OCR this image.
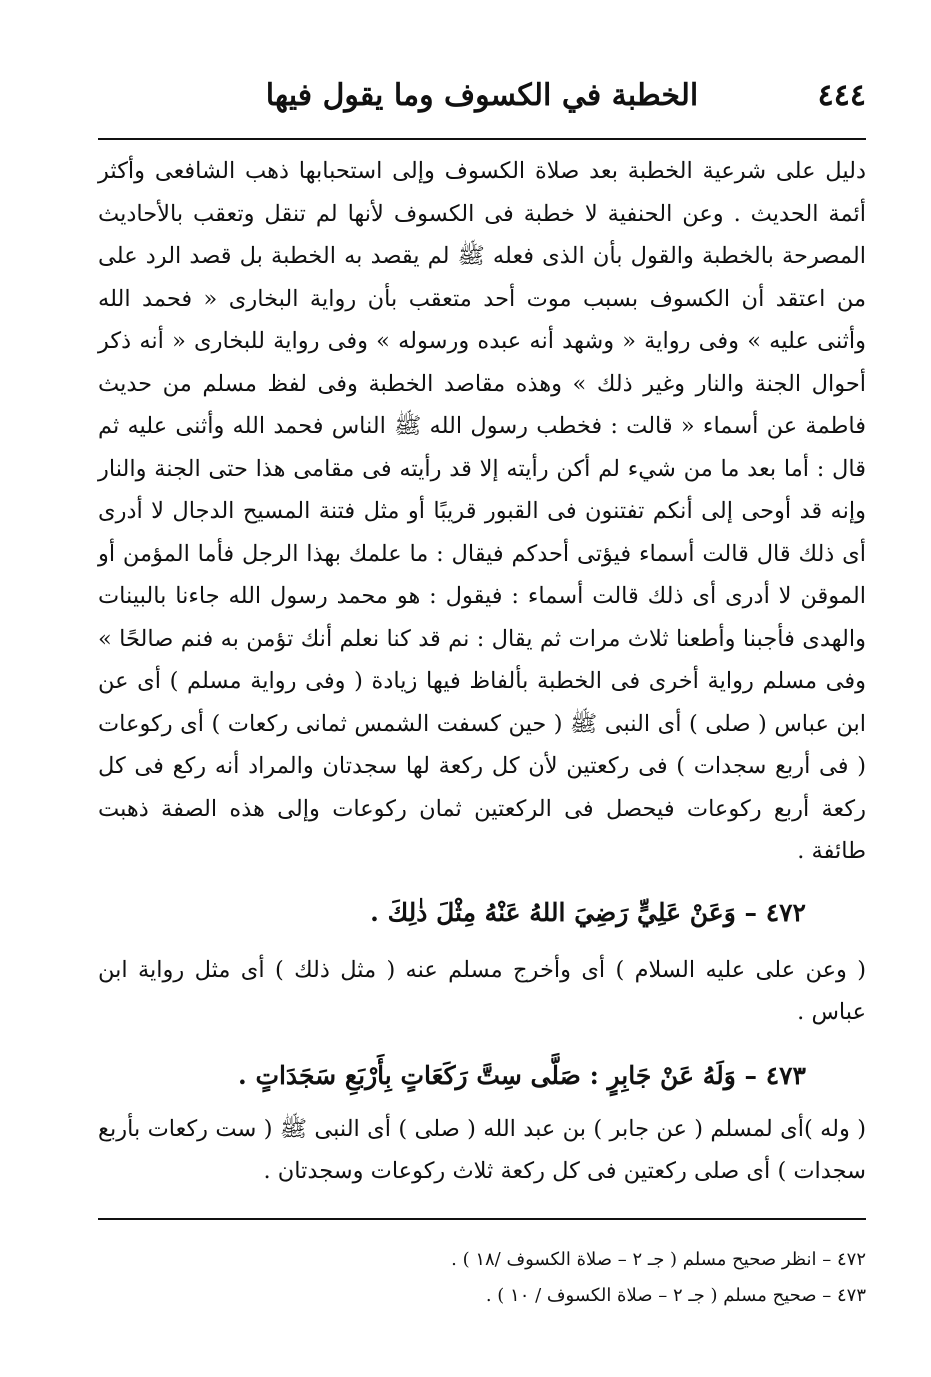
٤٤٤
الخطبة في الكسوف وما يقول فيها

دليل على شرعية الخطبة بعد صلاة الكسوف وإلى استحبابها ذهب الشافعى وأكثر أئمة الحديث . وعن الحنفية لا خطبة فى الكسوف لأنها لم تنقل وتعقب بالأحاديث المصرحة بالخطبة والقول بأن الذى فعله ﷺ لم يقصد به الخطبة بل قصد الرد على من اعتقد أن الكسوف بسبب موت أحد متعقب بأن رواية البخارى « فحمد الله وأثنى عليه » وفى رواية « وشهد أنه عبده ورسوله » وفى رواية للبخارى « أنه ذكر أحوال الجنة والنار وغير ذلك » وهذه مقاصد الخطبة وفى لفظ مسلم من حديث فاطمة عن أسماء « قالت : فخطب رسول الله ﷺ الناس فحمد الله وأثنى عليه ثم قال : أما بعد ما من شيء لم أكن رأيته إلا قد رأيته فى مقامى هذا حتى الجنة والنار وإنه قد أوحى إلى أنكم تفتنون فى القبور قريبًا أو مثل فتنة المسيح الدجال لا أدرى أى ذلك قال قالت أسماء فيؤتى أحدكم فيقال : ما علمك بهذا الرجل فأما المؤمن أو الموقن لا أدرى أى ذلك قالت أسماء : فيقول : هو محمد رسول الله جاءنا بالبينات والهدى فأجبنا وأطعنا ثلاث مرات ثم يقال : نم قد كنا نعلم أنك تؤمن به فنم صالحًا » وفى مسلم رواية أخرى فى الخطبة بألفاظ فيها زيادة ( وفى رواية مسلم ) أى عن ابن عباس ( صلى ) أى النبى ﷺ ( حين كسفت الشمس ثمانى ركعات ) أى ركوعات ( فى أربع سجدات ) فى ركعتين لأن كل ركعة لها سجدتان والمراد أنه ركع فى كل ركعة أربع ركوعات فيحصل فى الركعتين ثمان ركوعات وإلى هذه الصفة ذهبت طائفة .

٤٧٢ – وَعَنْ عَلِيٍّ رَضِيَ اللهُ عَنْهُ مِثْلَ ذٰلِكَ .

( وعن على عليه السلام ) أى وأخرج مسلم عنه ( مثل ذلك ) أى مثل رواية ابن عباس .

٤٧٣ – وَلَهُ عَنْ جَابِرٍ : صَلَّى سِتَّ رَكَعَاتٍ بِأَرْبَعِ سَجَدَاتٍ .

( وله )أى لمسلم ( عن جابر ) بن عبد الله ( صلى ) أى النبى ﷺ ( ست ركعات بأربع سجدات ) أى صلى ركعتين فى كل ركعة ثلاث ركوعات وسجدتان .

٤٧٢ – انظر صحيح مسلم ( جـ ٢ – صلاة الكسوف /١٨ ) .

٤٧٣ – صحيح مسلم ( جـ ٢ – صلاة الكسوف / ١٠ ) .
